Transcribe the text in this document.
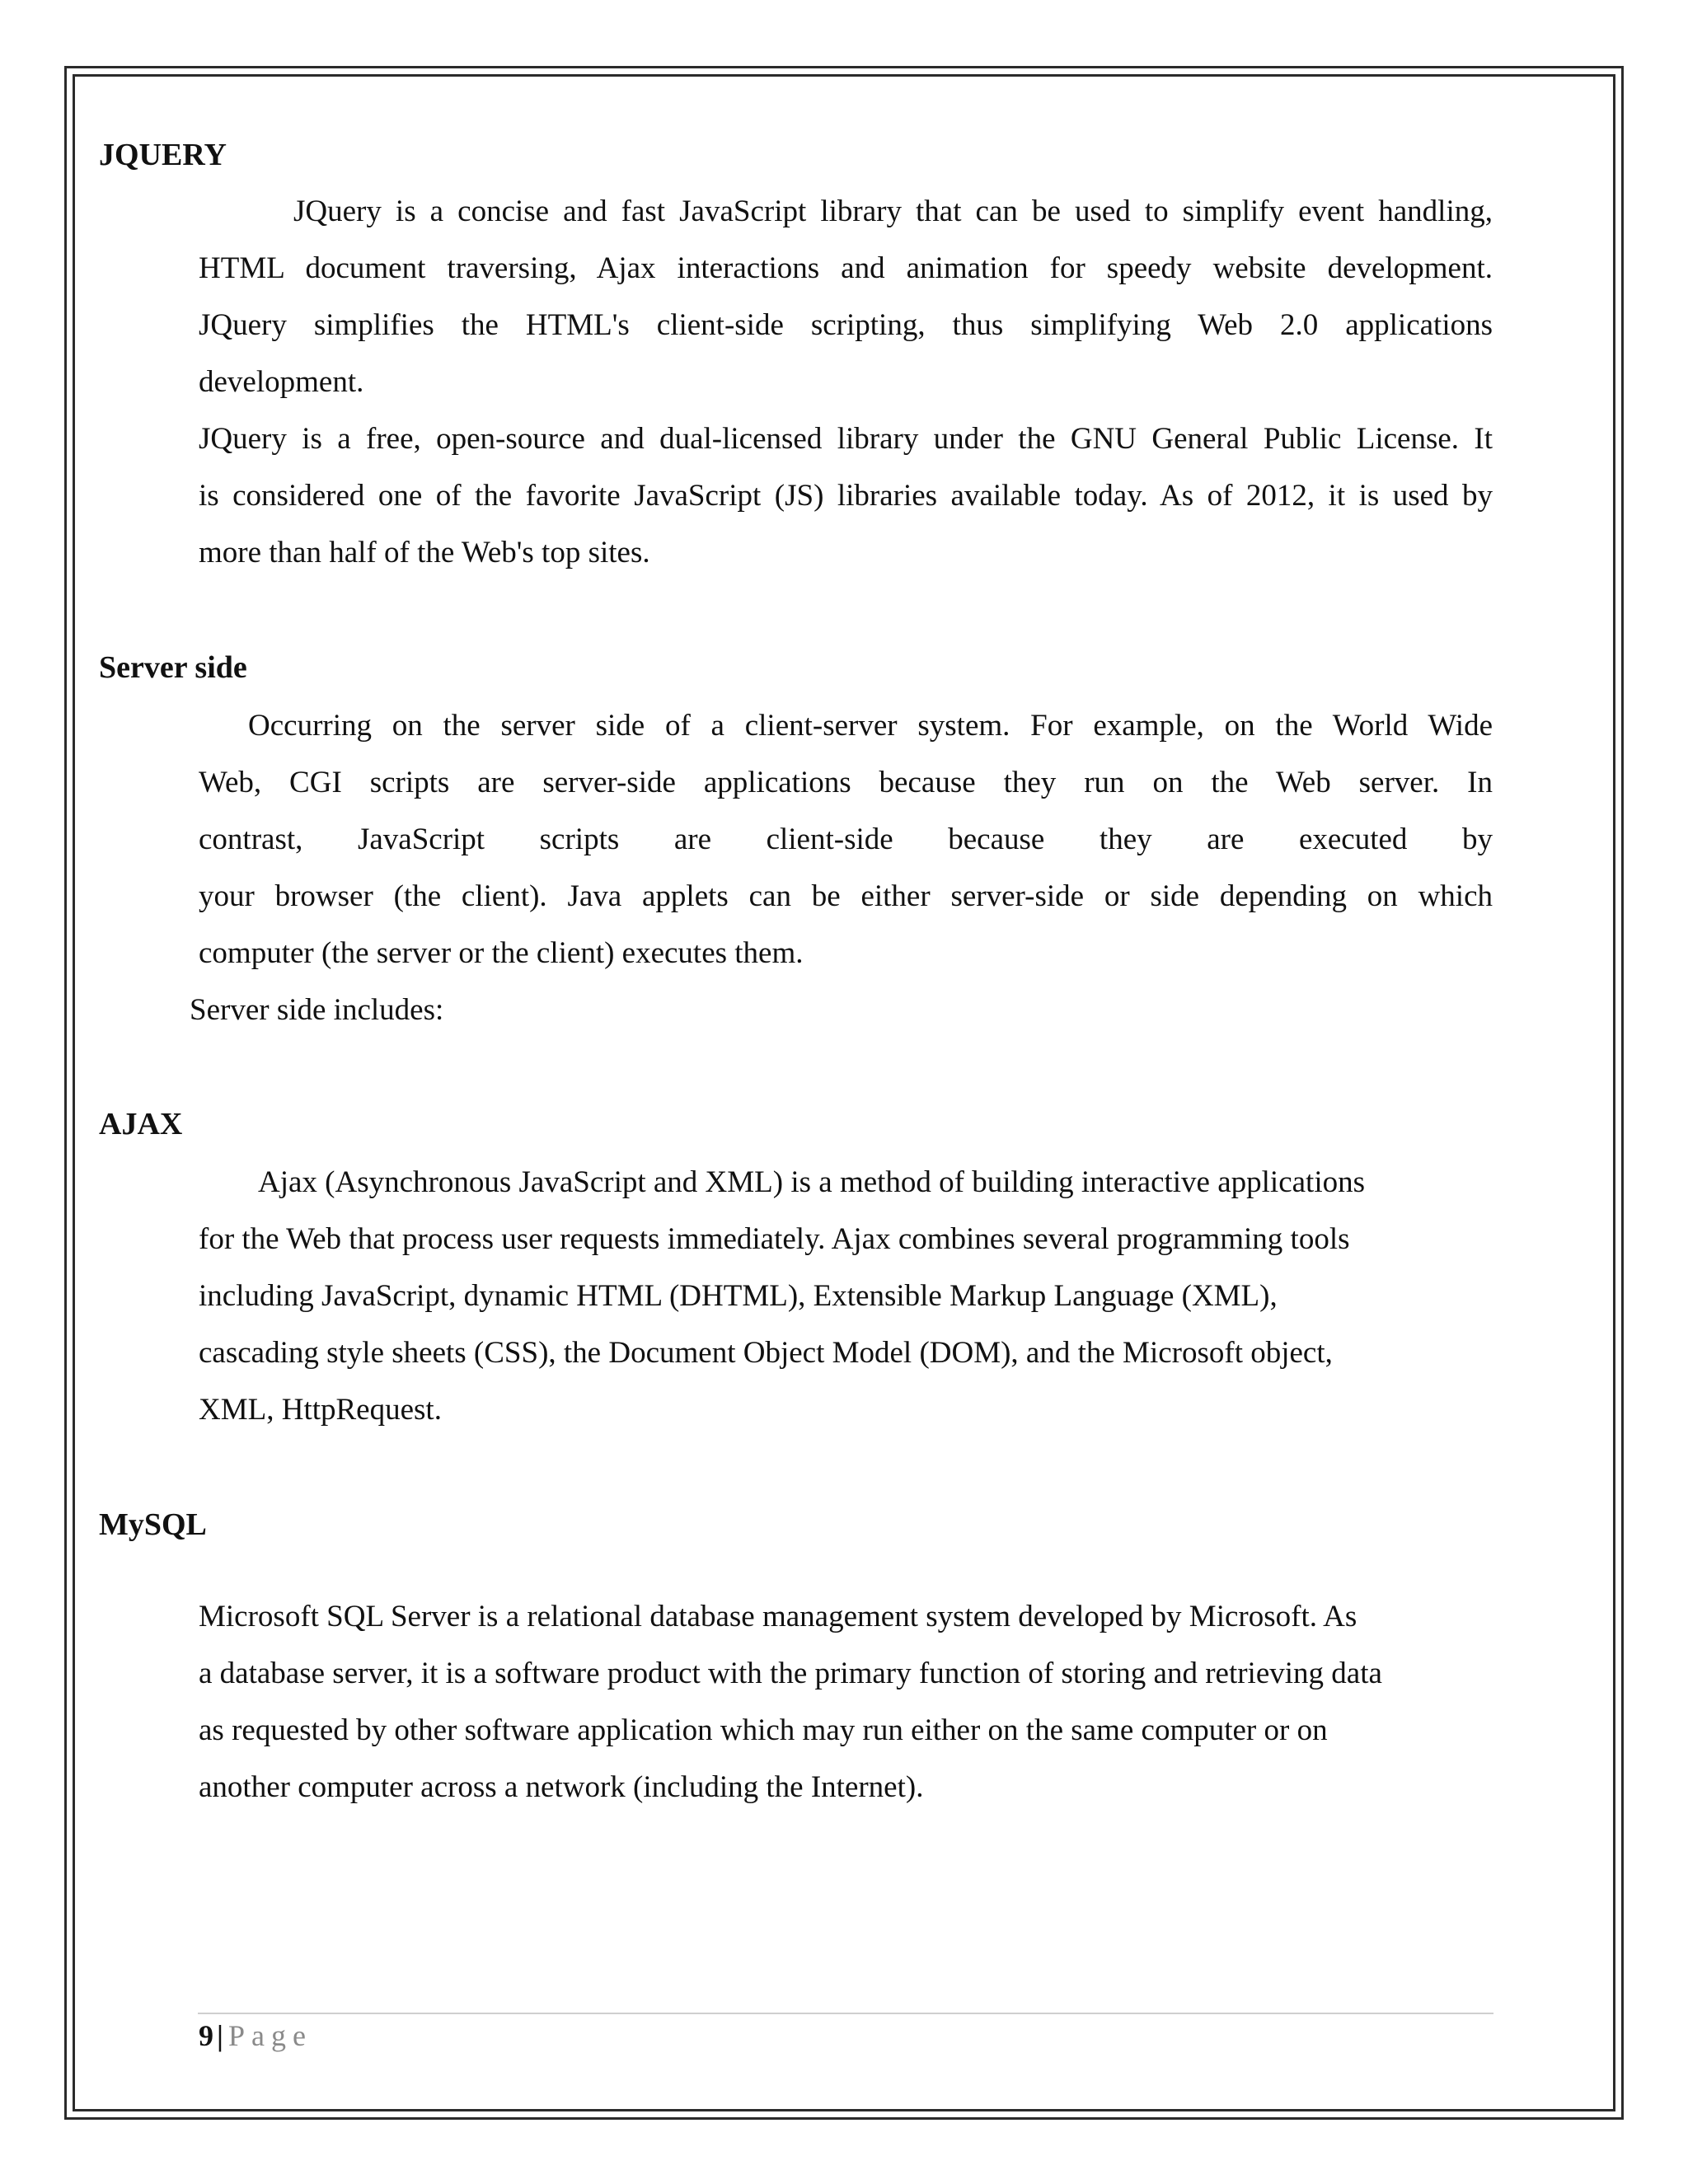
JQUERY
JQuery is a concise and fast JavaScript library that can be used to simplify event handling,
HTML document traversing, Ajax interactions and animation for speedy website development.
JQuery simplifies the HTML's client-side scripting, thus simplifying Web 2.0 applications
development.
JQuery is a free, open-source and dual-licensed library under the GNU General Public License. It
is considered one of the favorite JavaScript (JS) libraries available today. As of 2012, it is used by
more than half of the Web's top sites.
Server side
Occurring on the server side of a client-server system. For example, on the World Wide
Web, CGI scripts are server-side applications because they run on the Web server. In
contrast, JavaScript scripts are client-side because they are executed by
your browser (the client). Java applets can be either server-side or side depending on which
computer (the server or the client) executes them.

Server side includes:

AJAX
Ajax (Asynchronous JavaScript and XML) is a method of building interactive applications
for the Web that process user requests immediately. Ajax combines several programming tools
including JavaScript, dynamic HTML (DHTML), Extensible Markup Language (XML),
cascading style sheets (CSS), the Document Object Model (DOM), and the Microsoft object,
XML, HttpRequest.
MySQL
Microsoft SQL Server is a relational database management system developed by Microsoft. As
a database server, it is a software product with the primary function of storing and retrieving data
as requested by other software application which may run either on the same computer or on
another computer across a network (including the Internet).

9 | Page
